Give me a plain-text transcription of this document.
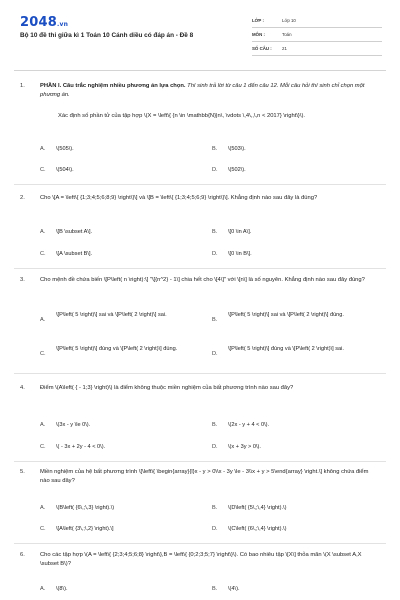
2048.vn
Bộ 10 đề thi giữa kì 1 Toán 10 Cánh diều có đáp án - Đề 8
LỚP :	Lớp 10
MÔN :	Toán
SỐ CÂU :	21
1.	PHẦN I. Câu trắc nghiệm nhiều phương án lựa chọn. Thí sinh trả lời từ câu 1 đến câu 12. Mỗi câu hỏi thí sinh chỉ chọn một phương án.
Xác định số phần tử của tập hợp \(X = \left\{ {n \in \mathbb{N}|n\, \vdots \,4\,,\,n < 2017} \right\}\).
A.	\(505\).	B.	\(503\).
C.	\(504\).	D.	\(502\).
2.	Cho \[A = \left\{ {1;3;4;5;6;8;9} \right\}\] và \[B = \left\{ {1;3;4;5;6;9} \right\}\]. Khẳng định nào sau đây là đúng?
A.	\[B \subset A\].	B.	\[0 \in A\].
C.	\[A \subset B\].	D.	\[0 \in B\].
3.	Cho mệnh đề chứa biến \[P\left( n \right):\] "\[{n^2} - 1\] chia hết cho \[4\]" với \[n\] là số nguyên. Khẳng định nào sau đây đúng?
A.
\[P\left( 5 \right)\] sai và \[P\left( 2 \right)\] sai.
B.
\[P\left( 5 \right)\] sai và \[P\left( 2 \right)\] đúng.
C.
\[P\left( 5 \right)\] đúng và \[P\left( 2 \right)\] đúng.
D.
\[P\left( 5 \right)\] đúng và \[P\left( 2 \right)\] sai.
4.	Điểm \(A\left( { - 1;3} \right)\) là điểm không thuộc miền nghiệm của bất phương trình nào sau đây?
A.	\(3x - y \le 0\).	B.	\(2x - y + 4 < 0\).
C.	\( - 3x + 2y - 4 < 0\).	D.	\(x + 3y > 0\).
5.	Miền nghiệm của hệ bất phương trình \[\left\{ \begin{array}{l}x - y > 0\\x - 3y \le - 3\\x + y > 5\end{array} \right.\] không chứa điểm nào sau đây?
A.	\(B\left( {6\,;\,3} \right).\)	B.	\(D\left( {5\,;\,4} \right).\)
C.	\[A\left( {3\,;\,2} \right).\]	D.	\(C\left( {6\,;\,4} \right).\)
6.	Cho các tập hợp \(A = \left\{ {2;3;4;5;6;8} \right\},B = \left\{ {0;2;3;5;7} \right\}\). Có bao nhiêu tập \[X\] thỏa mãn \(X \subset A,X \subset B\)?
A.	\(8\).	B.	\(4\).
